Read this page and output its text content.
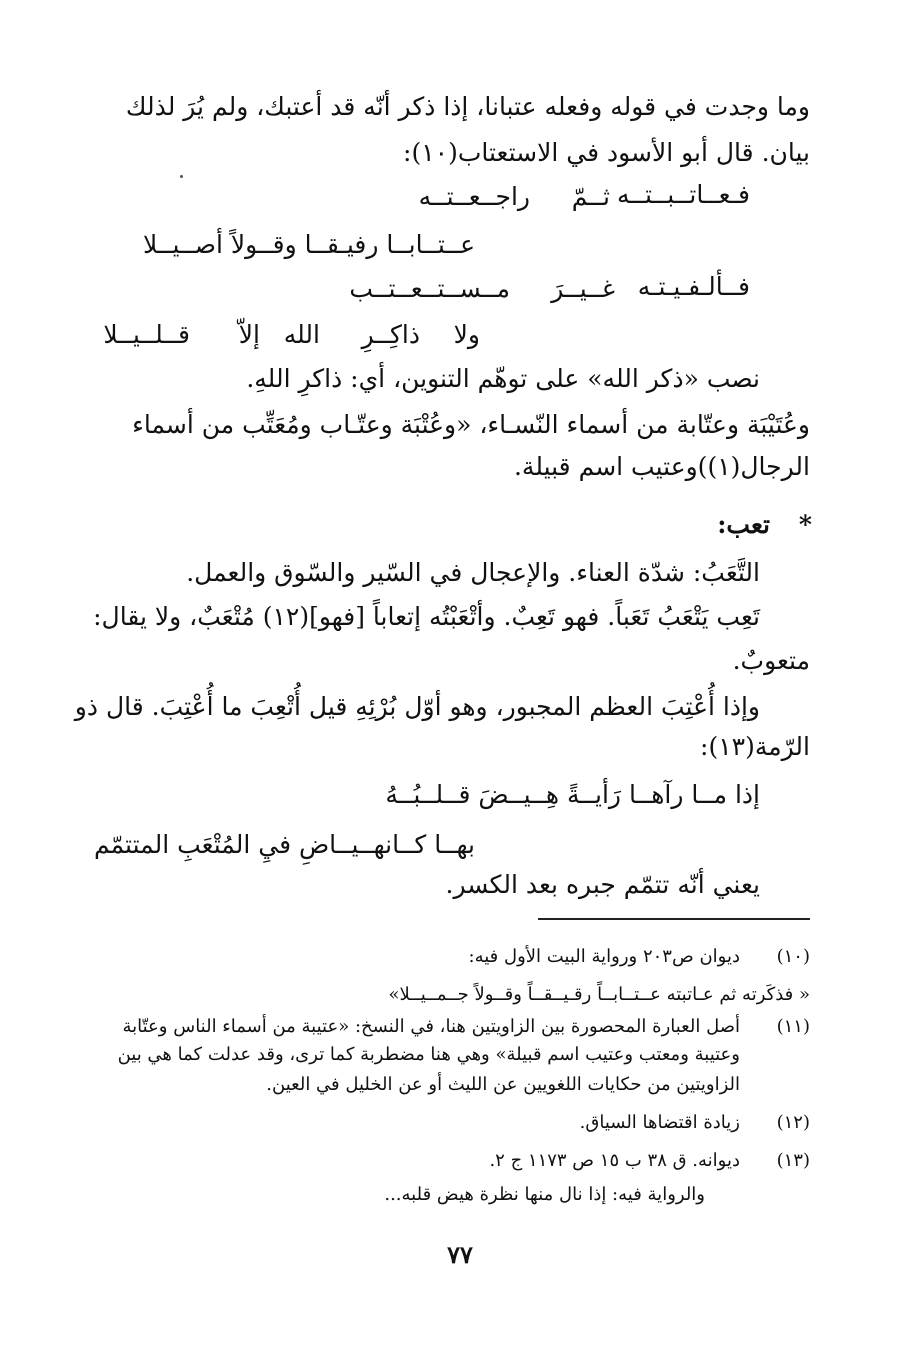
وما وجدت في قوله وفعله عتبانا، إذا ذكر أنّه قد أعتبك، ولم يُرَ لذلك
بيان. قال أبو الأسود في الاستعتاب(١٠):
فـعــاتــبــتــه
ثــمّ
راجــعــتــه
عــتــابــا رفيـقــا وقــولاً أصــيــلا
فــألـفـيـتـه
غــيــرَ
مــســتــعــتــب
ولا
ذاكِــرِ
الله
إلاّ
قــلــيــلا
نصب «ذكر الله» على توهّم التنوين، أي: ذاكرِ اللهِ.
وعُتَيْبَة وعتّابة من أسماء النّسـاء، «وعُتْبَة وعتّـاب ومُعَتِّب من أسماء
الرجال(١))وعتيب اسم قبيلة.
*
تعب:
التَّعَبُ: شدّة العناء. والإعجال في السّير والسّوق والعمل.
تَعِب يَتْعَبُ تَعَباً. فهو تَعِبٌ. وأتْعَبْتُه إتعاباً [فهو](١٢) مُتْعَبٌ، ولا يقال:
متعوبٌ.
وإذا أُعْتِبَ العظم المجبور، وهو أوّل بُرْئِهِ قيل أُتْعِبَ ما أُعْتِبَ. قال ذو
الرّمة(١٣):
إذا مــا رآهــا رَأيــةً هِــيــضَ قــلــبُــهُ
بهــا كــانهــيــاضِ فيِ المُتْعَبِ المتتمّم
يعني أنّه تتمّم جبره بعد الكسر.
(١٠)
ديوان ص٢٠٣ ورواية البيت الأول فيه:
« فذكَرته ثم عـاتبته عــتــابــاً رقـيــقــاً وقــولاً جــمــيــلا»
(١١)
أصل العبارة المحصورة بين الزاويتين هنا، في النسخ: «عتيبة من أسماء الناس وعتّابة
وعتيبة ومعتب وعتيب اسم قبيلة» وهي هنا مضطربة كما ترى، وقد عدلت كما هي بين
الزاويتين من حكايات اللغويين عن الليث أو عن الخليل في العين.
(١٢)
زيادة اقتضاها السياق.
(١٣)
ديوانه. ق ٣٨ ب ١٥ ص ١١٧٣ ج ٢.
والرواية فيه: إذا نال منها نظرة هيض قلبه...
٧٧
